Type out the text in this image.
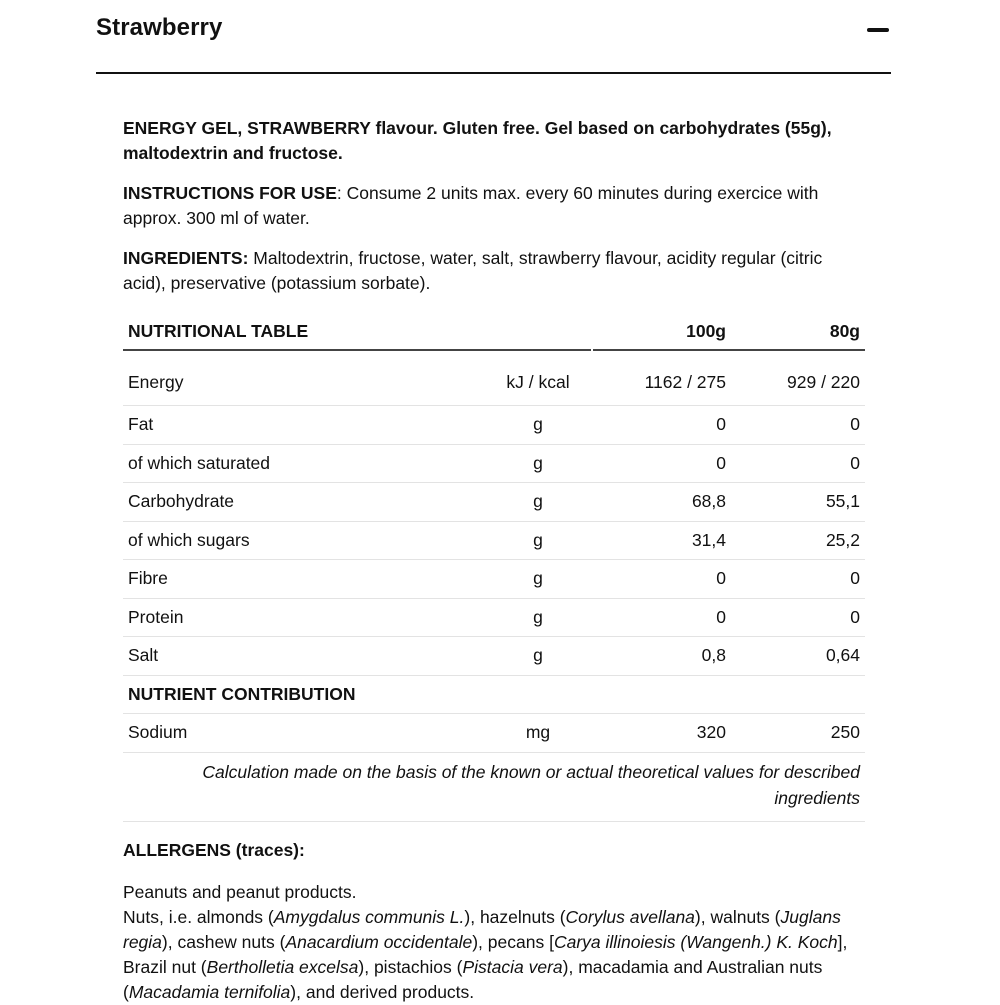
Strawberry

ENERGY GEL, STRAWBERRY flavour. Gluten free. Gel based on carbohydrates (55g), maltodextrin and fructose.

INSTRUCTIONS FOR USE: Consume 2 units max. every 60 minutes during exercice with approx. 300 ml of water.

INGREDIENTS: Maltodextrin, fructose, water, salt, strawberry flavour, acidity regular (citric acid), preservative (potassium sorbate).

NUTRITIONAL TABLE			100g	80g
Energy	kJ / kcal		1162 / 275	929 / 220
Fat	g		0	0
of which saturated	g		0	0
Carbohydrate	g		68,8	55,1
of which sugars	g		31,4	25,2
Fibre	g		0	0
Protein	g		0	0
Salt	g		0,8	0,64
NUTRIENT CONTRIBUTION				
Sodium	mg		320	250
Calculation made on the basis of the known or actual theoretical values for described ingredients				
ALLERGENS (traces):
Peanuts and peanut products.
Nuts, i.e. almonds (Amygdalus communis L.), hazelnuts (Corylus avellana), walnuts (Juglans regia), cashew nuts (Anacardium occidentale), pecans [Carya illinoiesis (Wangenh.) K. Koch], Brazil nut (Bertholletia excelsa), pistachios (Pistacia vera), macadamia and Australian nuts (Macadamia ternifolia), and derived products.
